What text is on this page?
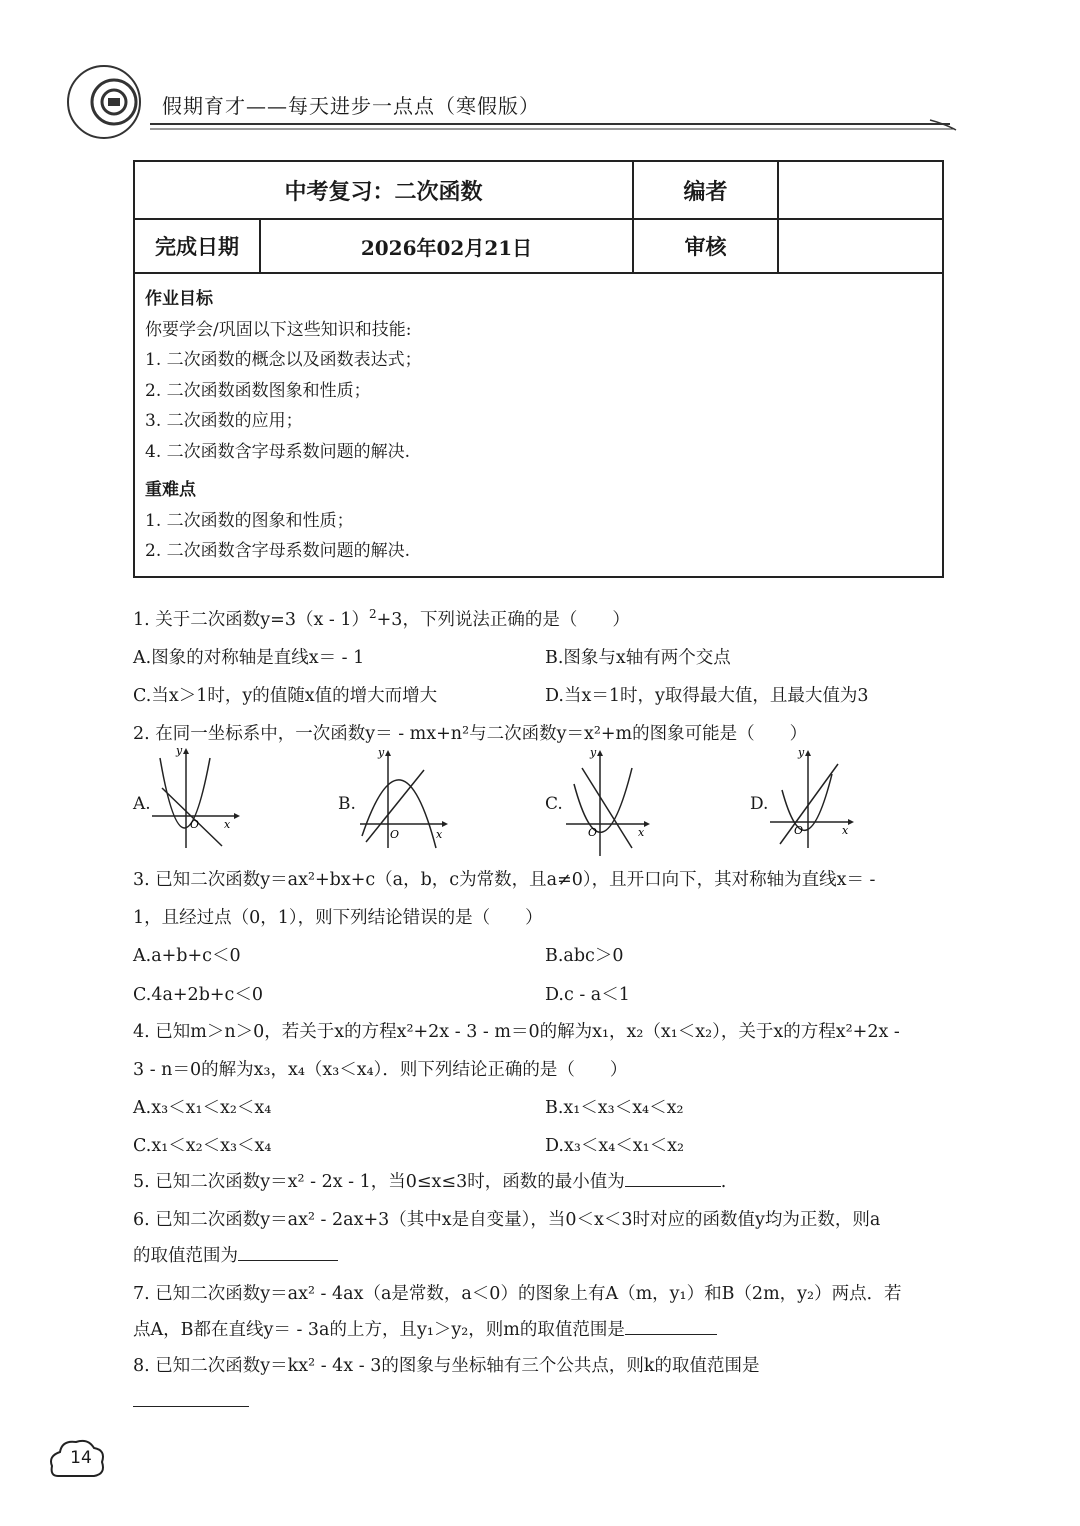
假期育才——每天进步一点点（寒假版）
中考复习：二次函数	编者
完成日期	2026年02月21日	审核
作业目标
你要学会/巩固以下这些知识和技能:
1. 二次函数的概念以及函数表达式；
2. 二次函数函数图象和性质；
3. 二次函数的应用；
4. 二次函数含字母系数问题的解决.
重难点
1. 二次函数的图象和性质；
2. 二次函数含字母系数问题的解决.
1. 关于二次函数y=3（x - 1）$^2$+3，下列说法正确的是（　　）
A.图象的对称轴是直线x＝ - 1	B.图象与x轴有两个交点
C.当x＞1时，y的值随x值的增大而增大	D.当x＝1时，y取得最大值，且最大值为3
2. 在同一坐标系中，一次函数y＝ - mx+n²与二次函数y＝x²+m的图象可能是（　　）
A.
y
x
O
B.
y
x
O
C.
y
x
O
D.
y
x
O
3. 已知二次函数y＝ax²+bx+c（a，b，c为常数，且a≠0），且开口向下，其对称轴为直线x＝ -
1，且经过点（0，1），则下列结论错误的是（　　）
A.a+b+c＜0	B.abc＞0
C.4a+2b+c＜0	D.c - a＜1
4. 已知m＞n＞0，若关于x的方程x²+2x - 3 - m＝0的解为x₁，x₂（x₁＜x₂），关于x的方程x²+2x -
3 - n＝0的解为x₃，x₄（x₃＜x₄）．则下列结论正确的是（　　）
A.x₃＜x₁＜x₂＜x₄	B.x₁＜x₃＜x₄＜x₂
C.x₁＜x₂＜x₃＜x₄	D.x₃＜x₄＜x₁＜x₂
5. 已知二次函数y＝x² - 2x - 1，当0≤x≤3时，函数的最小值为	.
6. 已知二次函数y＝ax² - 2ax+3（其中x是自变量），当0＜x＜3时对应的函数值y均为正数，则a
的取值范围为
7. 已知二次函数y＝ax² - 4ax（a是常数，a＜0）的图象上有A（m，y₁）和B（2m，y₂）两点．若
点A，B都在直线y＝ - 3a的上方，且y₁＞y₂，则m的取值范围是
8. 已知二次函数y＝kx² - 4x - 3的图象与坐标轴有三个公共点，则k的取值范围是
14
